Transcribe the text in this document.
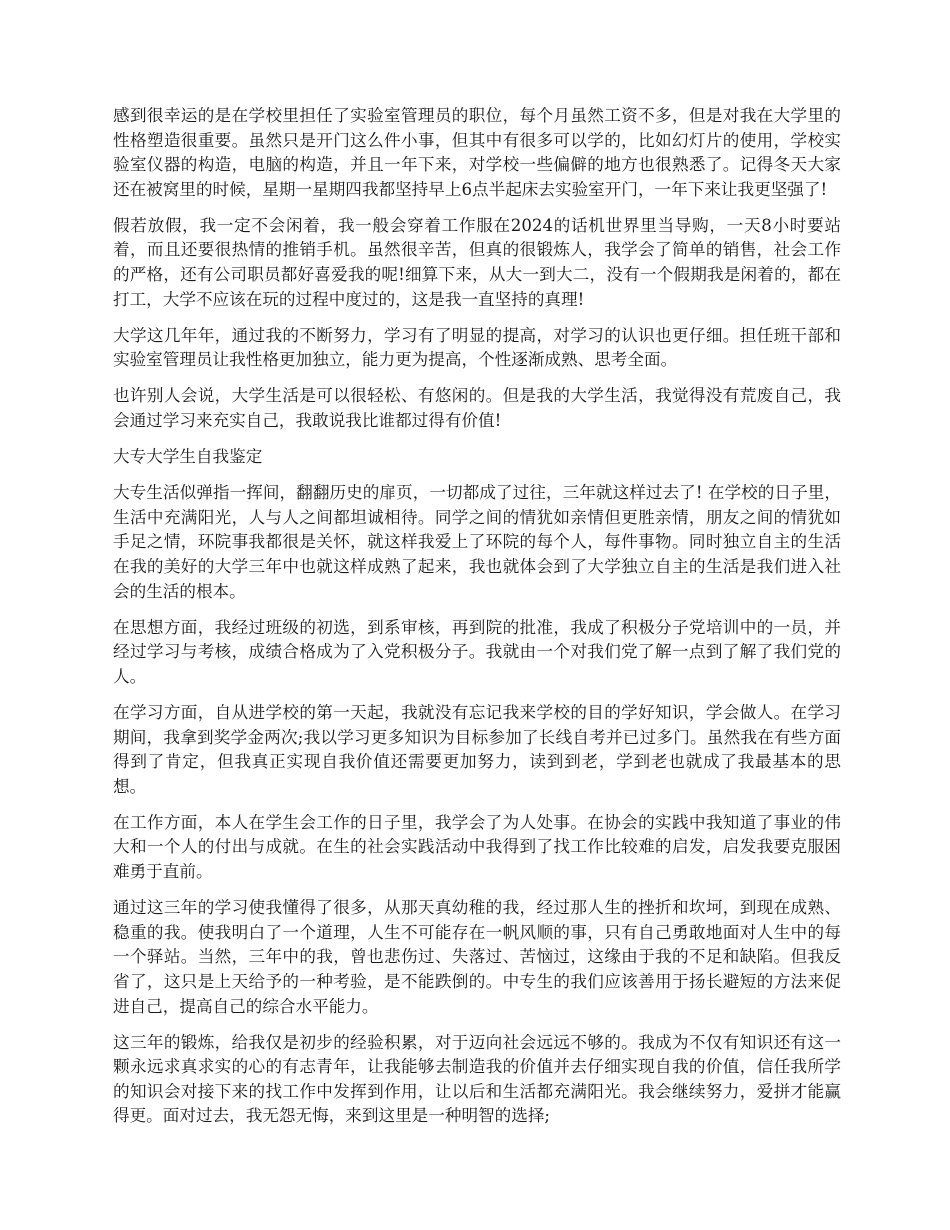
感到很幸运的是在学校里担任了实验室管理员的职位，每个月虽然工资不多，但是对我在大学里的性格塑造很重要。虽然只是开门这么件小事，但其中有很多可以学的，比如幻灯片的使用，学校实验室仪器的构造，电脑的构造，并且一年下来，对学校一些偏僻的地方也很熟悉了。记得冬天大家还在被窝里的时候，星期一星期四我都坚持早上6点半起床去实验室开门，一年下来让我更坚强了!

假若放假，我一定不会闲着，我一般会穿着工作服在2024的话机世界里当导购，一天8小时要站着，而且还要很热情的推销手机。虽然很辛苦，但真的很锻炼人，我学会了简单的销售，社会工作的严格，还有公司职员都好喜爱我的呢!细算下来，从大一到大二，没有一个假期我是闲着的，都在打工，大学不应该在玩的过程中度过的，这是我一直坚持的真理!

大学这几年年，通过我的不断努力，学习有了明显的提高，对学习的认识也更仔细。担任班干部和实验室管理员让我性格更加独立，能力更为提高，个性逐渐成熟、思考全面。

也许别人会说，大学生活是可以很轻松、有悠闲的。但是我的大学生活，我觉得没有荒废自己，我会通过学习来充实自己，我敢说我比谁都过得有价值!

大专大学生自我鉴定

大专生活似弹指一挥间，翻翻历史的扉页，一切都成了过往，三年就这样过去了! 在学校的日子里，生活中充满阳光，人与人之间都坦诚相待。同学之间的情犹如亲情但更胜亲情，朋友之间的情犹如手足之情，环院事我都很是关怀，就这样我爱上了环院的每个人，每件事物。同时独立自主的生活在我的美好的大学三年中也就这样成熟了起来，我也就体会到了大学独立自主的生活是我们进入社会的生活的根本。

在思想方面，我经过班级的初选，到系审核，再到院的批准，我成了积极分子党培训中的一员，并经过学习与考核，成绩合格成为了入党积极分子。我就由一个对我们党了解一点到了解了我们党的人。

在学习方面，自从进学校的第一天起，我就没有忘记我来学校的目的学好知识，学会做人。在学习期间，我拿到奖学金两次;我以学习更多知识为目标参加了长线自考并已过多门。虽然我在有些方面得到了肯定，但我真正实现自我价值还需要更加努力，读到到老，学到老也就成了我最基本的思想。

在工作方面，本人在学生会工作的日子里，我学会了为人处事。在协会的实践中我知道了事业的伟大和一个人的付出与成就。在生的社会实践活动中我得到了找工作比较难的启发，启发我要克服困难勇于直前。

通过这三年的学习使我懂得了很多，从那天真幼稚的我，经过那人生的挫折和坎坷，到现在成熟、稳重的我。使我明白了一个道理，人生不可能存在一帆风顺的事，只有自己勇敢地面对人生中的每一个驿站。当然，三年中的我，曾也悲伤过、失落过、苦恼过，这缘由于我的不足和缺陷。但我反省了，这只是上天给予的一种考验，是不能跌倒的。中专生的我们应该善用于扬长避短的方法来促进自己，提高自己的综合水平能力。

这三年的锻炼，给我仅是初步的经验积累，对于迈向社会远远不够的。我成为不仅有知识还有这一颗永远求真求实的心的有志青年，让我能够去制造我的价值并去仔细实现自我的价值，信任我所学的知识会对接下来的找工作中发挥到作用，让以后和生活都充满阳光。我会继续努力，爱拼才能赢得更。面对过去，我无怨无悔，来到这里是一种明智的选择;
